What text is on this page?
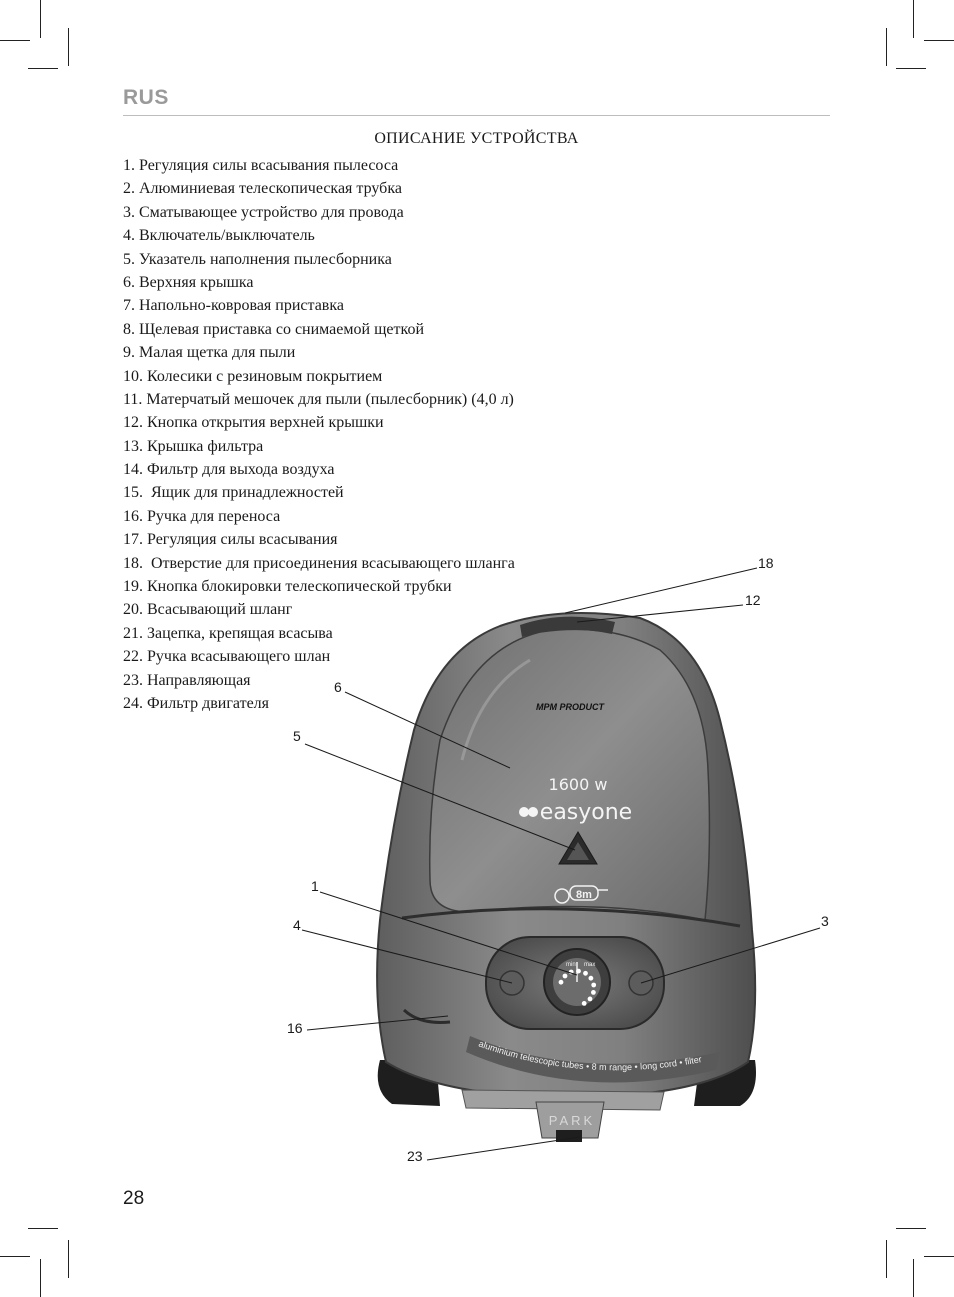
RUS
ОПИСАНИЕ УСТРОЙСТВА
1. Регуляция силы всасывания пылесоса
2. Алюминиевая телескопическая трубка
3. Сматывающее устройство для провода
4. Включатель/выключатель
5. Указатель наполнения пылесборника
6. Верхняя крышка
7. Напольно-ковровая приставка
8. Щелевая приставка со снимаемой щеткой
9. Малая щетка для пыли
10. Колесики с резиновым покрытием
11. Матерчатый мешочек для пыли (пылесборник) (4,0 л)
12. Кнопка открытия верхней крышки
13. Крышка фильтра
14. Фильтр для выхода воздуха
15.  Ящик для принадлежностей
16. Ручка для переноса
17. Регуляция силы всасывания
18.  Отверстие для присоединения всасывающего шланга
19. Кнопка блокировки телескопической трубки
20. Всасывающий шланг
21. Зацепка, крепящая всасыва
22. Ручка всасывающего шлан
23. Направляющая
24. Фильтр двигателя	MPM PRODUCT
1600 w
easyone
8m
min max
aluminium telescopic tubes • 8 m range • long cord • filter
PARK
18
12
6
5
1
4	3
16
23
28
